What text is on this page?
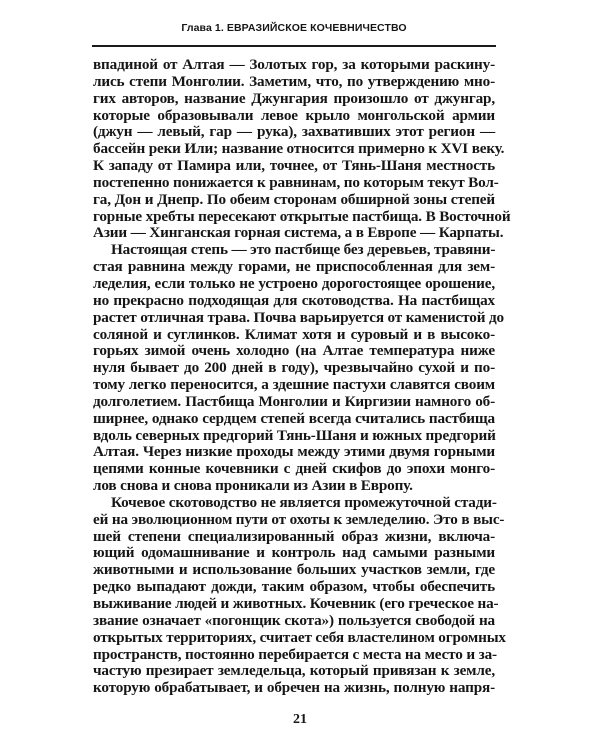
Глава 1. ЕВРАЗИЙСКОЕ КОЧЕВНИЧЕСТВО
впадиной от Алтая — Золотых гор, за которыми раскину-
лись степи Монголии. Заметим, что, по утверждению мно-
гих авторов, название Джунгария произошло от джунгар,
которые образовывали левое крыло монгольской армии
(джун — левый, гар — рука), захвативших этот регион —
бассейн реки Или; название относится примерно к XVI веку.
К западу от Памира или, точнее, от Тянь-Шаня местность
постепенно понижается к равнинам, по которым текут Вол-
га, Дон и Днепр. По обеим сторонам обширной зоны степей
горные хребты пересекают открытые пастбища. В Восточной
Азии — Хинганская горная система, а в Европе — Карпаты.
Настоящая степь — это пастбище без деревьев, травяни-
стая равнина между горами, не приспособленная для зем-
леделия, если только не устроено дорогостоящее орошение,
но прекрасно подходящая для скотоводства. На пастбищах
растет отличная трава. Почва варьируется от каменистой до
соляной и суглинков. Климат хотя и суровый и в высоко-
горьях зимой очень холодно (на Алтае температура ниже
нуля бывает до 200 дней в году), чрезвычайно сухой и по-
тому легко переносится, а здешние пастухи славятся своим
долголетием. Пастбища Монголии и Киргизии намного об-
ширнее, однако сердцем степей всегда считались пастбища
вдоль северных предгорий Тянь-Шаня и южных предгорий
Алтая. Через низкие проходы между этими двумя горными
цепями конные кочевники с дней скифов до эпохи монго-
лов снова и снова проникали из Азии в Европу.
Кочевое скотоводство не является промежуточной стади-
ей на эволюционном пути от охоты к земледелию. Это в выс-
шей степени специализированный образ жизни, включа-
ющий одомашнивание и контроль над самыми разными
животными и использование больших участков земли, где
редко выпадают дожди, таким образом, чтобы обеспечить
выживание людей и животных. Кочевник (его греческое на-
звание означает «погонщик скота») пользуется свободой на
открытых территориях, считает себя властелином огромных
пространств, постоянно перебирается с места на место и за-
частую презирает земледельца, который привязан к земле,
которую обрабатывает, и обречен на жизнь, полную напря-
21
